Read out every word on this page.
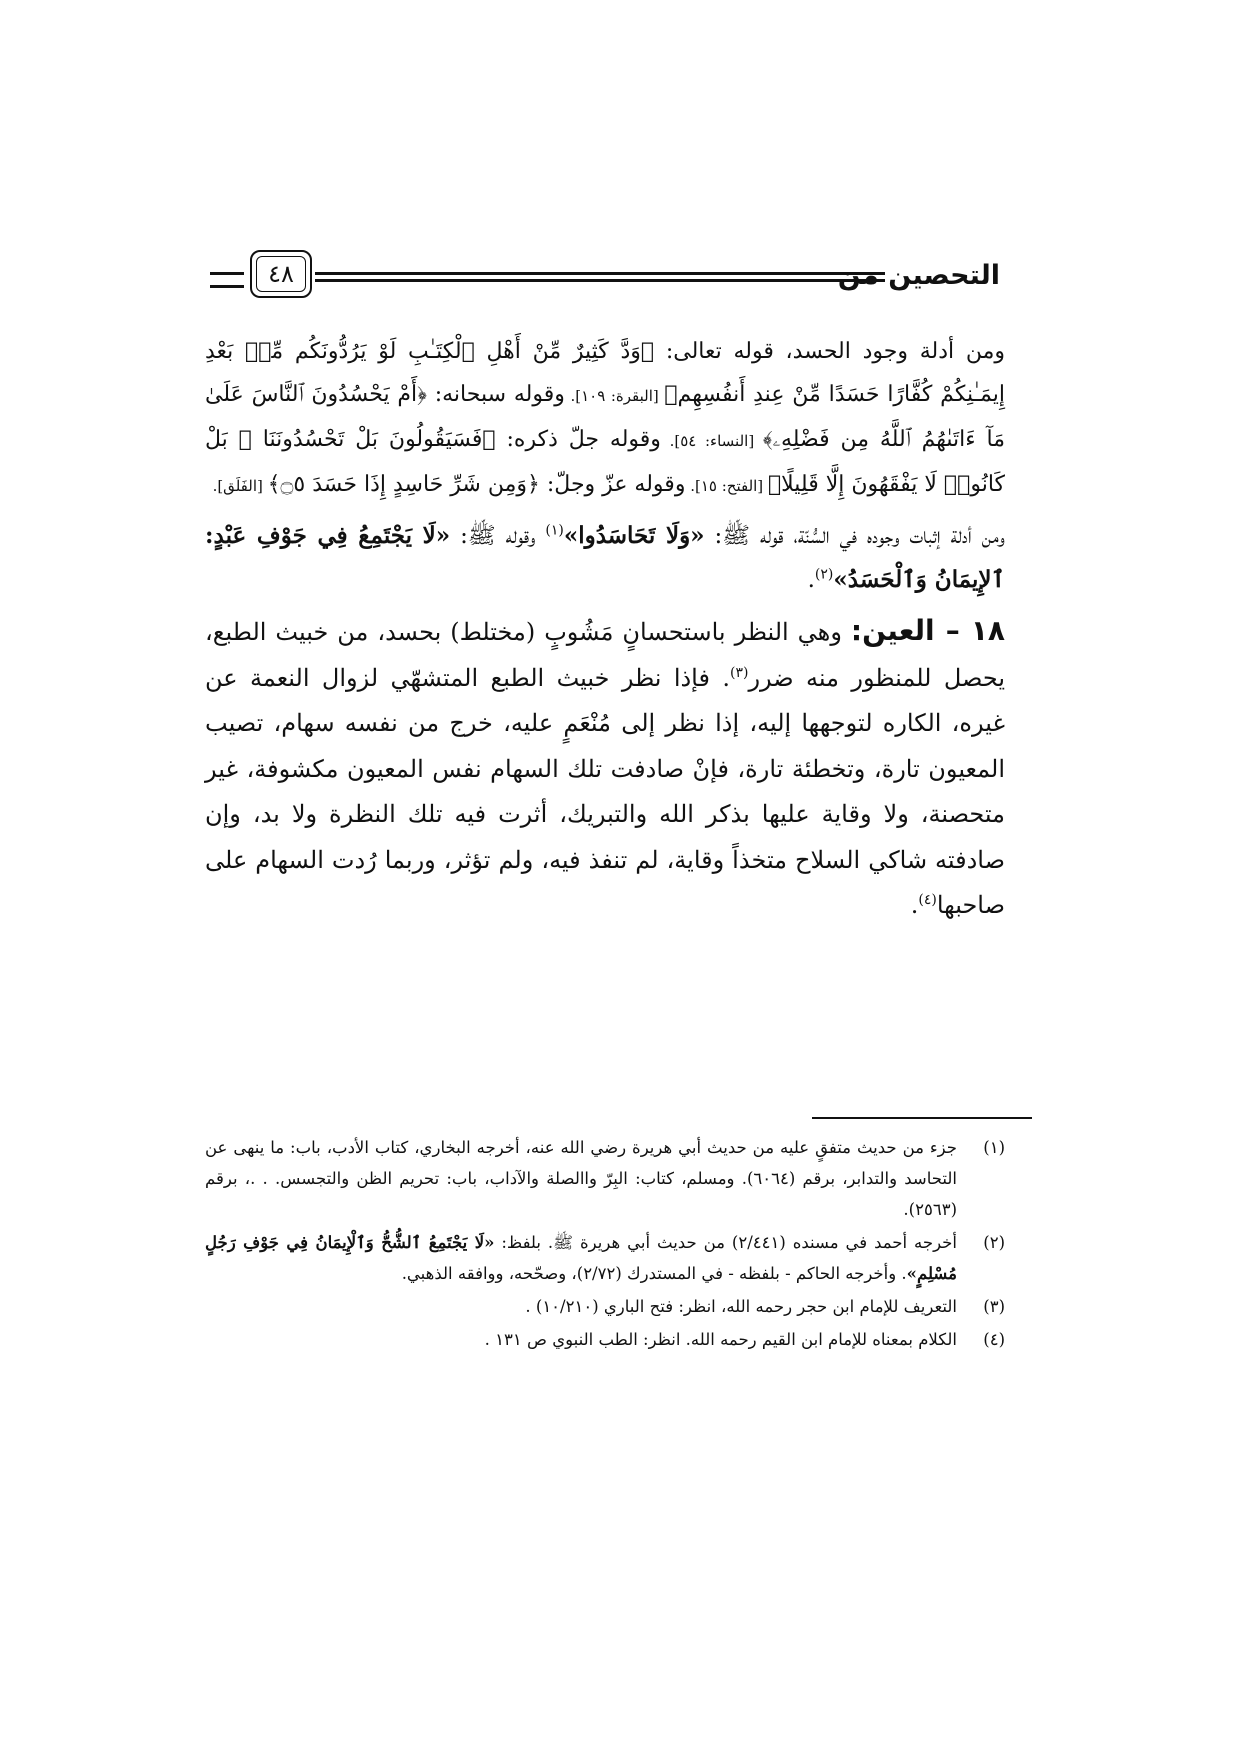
٤٨	التحصين من

ومن أدلة وجود الحسد، قوله تعالى: ﴿وَدَّ كَثِيرٌ مِّنْ أَهْلِ ٱلْكِتَـٰبِ لَوْ يَرُدُّونَكُم مِّنۢ بَعْدِ إِيمَـٰنِكُمْ كُفَّارًا حَسَدًا مِّنْ عِندِ أَنفُسِهِم﴾ [البقرة: ١٠٩]. وقوله سبحانه: ﴿أَمْ يَحْسُدُونَ ٱلنَّاسَ عَلَىٰ مَآ ءَاتَىٰهُمُ ٱللَّهُ مِن فَضْلِهِۦ﴾ [النساء: ٥٤]. وقوله جلّ ذكره: ﴿فَسَيَقُولُونَ بَلْ تَحْسُدُونَنَا ۚ بَلْ كَانُوا۟ لَا يَفْقَهُونَ إِلَّا قَلِيلًا﴾ [الفتح: ١٥]. وقوله عزّ وجلّ: ﴿وَمِن شَرِّ حَاسِدٍ إِذَا حَسَدَ ۝٥﴾ [الفَلَق].

ومن أدلة إثبات وجوده في السُّنّة، قوله ﷺ: «وَلَا تَحَاسَدُوا»$^{(١)}$ وقوله ﷺ: «لَا يَجْتَمِعُ فِي جَوْفِ عَبْدٍ: ٱلإِيمَانُ وَٱلْحَسَدُ»$^{(٢)}$.

١٨ – العين: وهي النظر باستحسانٍ مَشُوبٍ (مختلط) بحسد، من خبيث الطبع، يحصل للمنظور منه ضرر$^{(٣)}$. فإذا نظر خبيث الطبع المتشهّي لزوال النعمة عن غيره، الكاره لتوجهها إليه، إذا نظر إلى مُنْعَمٍ عليه، خرج من نفسه سهام، تصيب المعيون تارة، وتخطئة تارة، فإنْ صادفت تلك السهام نفس المعيون مكشوفة، غير متحصنة، ولا وقاية عليها بذكر الله والتبريك، أثرت فيه تلك النظرة ولا بد، وإن صادفته شاكي السلاح متخذاً وقاية، لم تنفذ فيه، ولم تؤثر، وربما رُدت السهام على صاحبها$^{(٤)}$.

(١)
جزء من حديث متفقٍ عليه من حديث أبي هريرة رضي الله عنه، أخرجه البخاري، كتاب الأدب، باب: ما ينهى عن التحاسد والتدابر، برقم (٦٠٦٤). ومسلم، كتاب: البِرّ واالصلة والآداب، باب: تحريم الظن والتجسس. . .، برقم (٢٥٦٣).
(٢)
أخرجه أحمد في مسنده (٢/٤٤١) من حديث أبي هريرة ﷺ. بلفظ: «لَا يَجْتَمِعُ ٱلشُّحُّ وَٱلْإِيمَانُ فِي جَوْفِ رَجُلٍ مُسْلِمٍ». وأخرجه الحاكم - بلفظه - في المستدرك (٢/٧٢)، وصحّحه، ووافقه الذهبي.
(٣)
التعريف للإمام ابن حجر رحمه الله، انظر: فتح الباري (١٠/٢١٠) .
(٤)
الكلام بمعناه للإمام ابن القيم رحمه الله. انظر: الطب النبوي ص ١٣١ .
